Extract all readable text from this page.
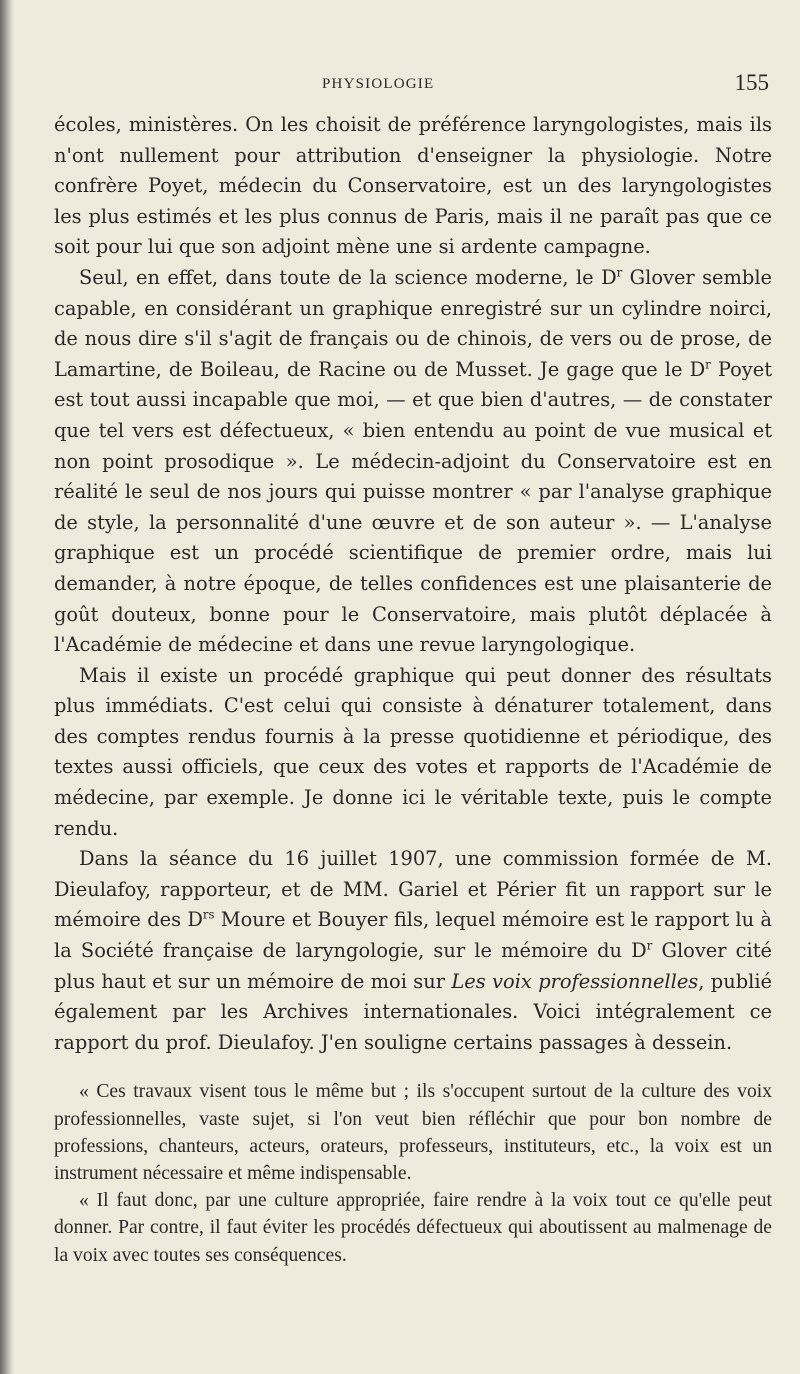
PHYSIOLOGIE	155

écoles, ministères. On les choisit de préférence laryngologistes, mais ils n'ont nullement pour attribution d'enseigner la physiologie. Notre confrère Poyet, médecin du Conservatoire, est un des laryngologistes les plus estimés et les plus connus de Paris, mais il ne paraît pas que ce soit pour lui que son adjoint mène une si ardente campagne.

Seul, en effet, dans toute de la science moderne, le $D^r$ Glover semble capable, en considérant un graphique enregistré sur un cylindre noirci, de nous dire s'il s'agit de français ou de chinois, de vers ou de prose, de Lamartine, de Boileau, de Racine ou de Musset. Je gage que le $D^r$ Poyet est tout aussi incapable que moi, — et que bien d'autres, — de constater que tel vers est défectueux, « bien entendu au point de vue musical et non point prosodique ». Le médecin-adjoint du Conservatoire est en réalité le seul de nos jours qui puisse montrer « par l'analyse graphique de style, la personnalité d'une œuvre et de son auteur ». — L'analyse graphique est un procédé scientifique de premier ordre, mais lui demander, à notre époque, de telles confidences est une plaisanterie de goût douteux, bonne pour le Conservatoire, mais plutôt déplacée à l'Académie de médecine et dans une revue laryngologique.

Mais il existe un procédé graphique qui peut donner des résultats plus immédiats. C'est celui qui consiste à dénaturer totalement, dans des comptes rendus fournis à la presse quotidienne et périodique, des textes aussi officiels, que ceux des votes et rapports de l'Académie de médecine, par exemple. Je donne ici le véritable texte, puis le compte rendu.

Dans la séance du 16 juillet 1907, une commission formée de M. Dieulafoy, rapporteur, et de MM. Gariel et Périer fit un rapport sur le mémoire des $D^{rs}$ Moure et Bouyer fils, lequel mémoire est le rapport lu à la Société française de laryngologie, sur le mémoire du $D^r$ Glover cité plus haut et sur un mémoire de moi sur Les voix professionnelles, publié également par les Archives internationales. Voici intégralement ce rapport du prof. Dieulafoy. J'en souligne certains passages à dessein.

« Ces travaux visent tous le même but ; ils s'occupent surtout de la culture des voix professionnelles, vaste sujet, si l'on veut bien réfléchir que pour bon nombre de professions, chanteurs, acteurs, orateurs, professeurs, instituteurs, etc., la voix est un instrument nécessaire et même indispensable.

« Il faut donc, par une culture appropriée, faire rendre à la voix tout ce qu'elle peut donner. Par contre, il faut éviter les procédés défectueux qui aboutissent au malmenage de la voix avec toutes ses conséquences.
